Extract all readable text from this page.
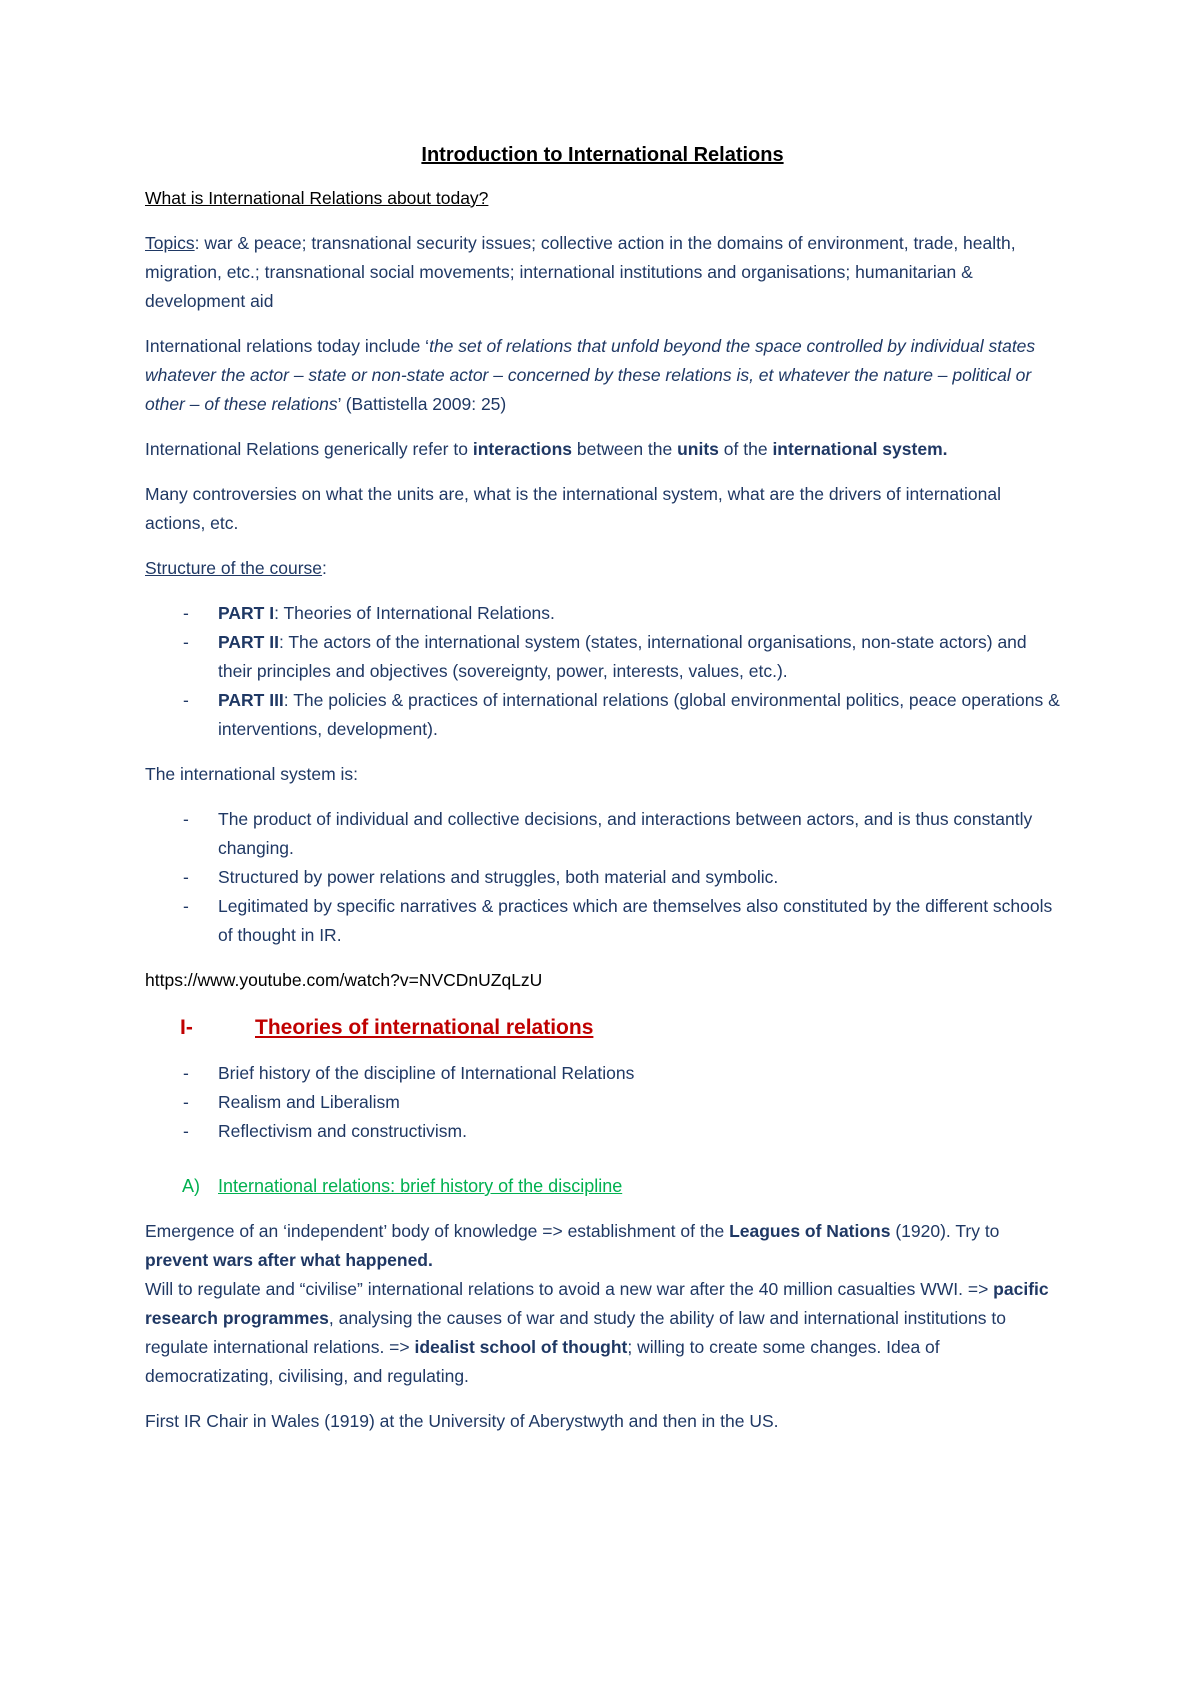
Introduction to International Relations

What is International Relations about today?

Topics: war & peace; transnational security issues; collective action in the domains of environment, trade, health, migration, etc.; transnational social movements; international institutions and organisations; humanitarian & development aid

International relations today include ‘the set of relations that unfold beyond the space controlled by individual states whatever the actor – state or non-state actor – concerned by these relations is, et whatever the nature – political or other – of these relations’ (Battistella 2009: 25)

International Relations generically refer to interactions between the units of the international system.

Many controversies on what the units are, what is the international system, what are the drivers of international actions, etc.

Structure of the course:

- PART I: Theories of International Relations.
- PART II: The actors of the international system (states, international organisations, non-state actors) and their principles and objectives (sovereignty, power, interests, values, etc.).
- PART III: The policies & practices of international relations (global environmental politics, peace operations & interventions, development).

The international system is:

- The product of individual and collective decisions, and interactions between actors, and is thus constantly changing.
- Structured by power relations and struggles, both material and symbolic.
- Legitimated by specific narratives & practices which are themselves also constituted by the different schools of thought in IR.

https://www.youtube.com/watch?v=NVCDnUZqLzU

I-	Theories of international relations
- Brief history of the discipline of International Relations
- Realism and Liberalism
- Reflectivism and constructivism.
A) International relations: brief history of the discipline

Emergence of an ‘independent’ body of knowledge => establishment of the Leagues of Nations (1920). Try to prevent wars after what happened.
Will to regulate and “civilise” international relations to avoid a new war after the 40 million casualties WWI. => pacific research programmes, analysing the causes of war and study the ability of law and international institutions to regulate international relations. => idealist school of thought; willing to create some changes. Idea of democratizating, civilising, and regulating.

First IR Chair in Wales (1919) at the University of Aberystwyth and then in the US.
